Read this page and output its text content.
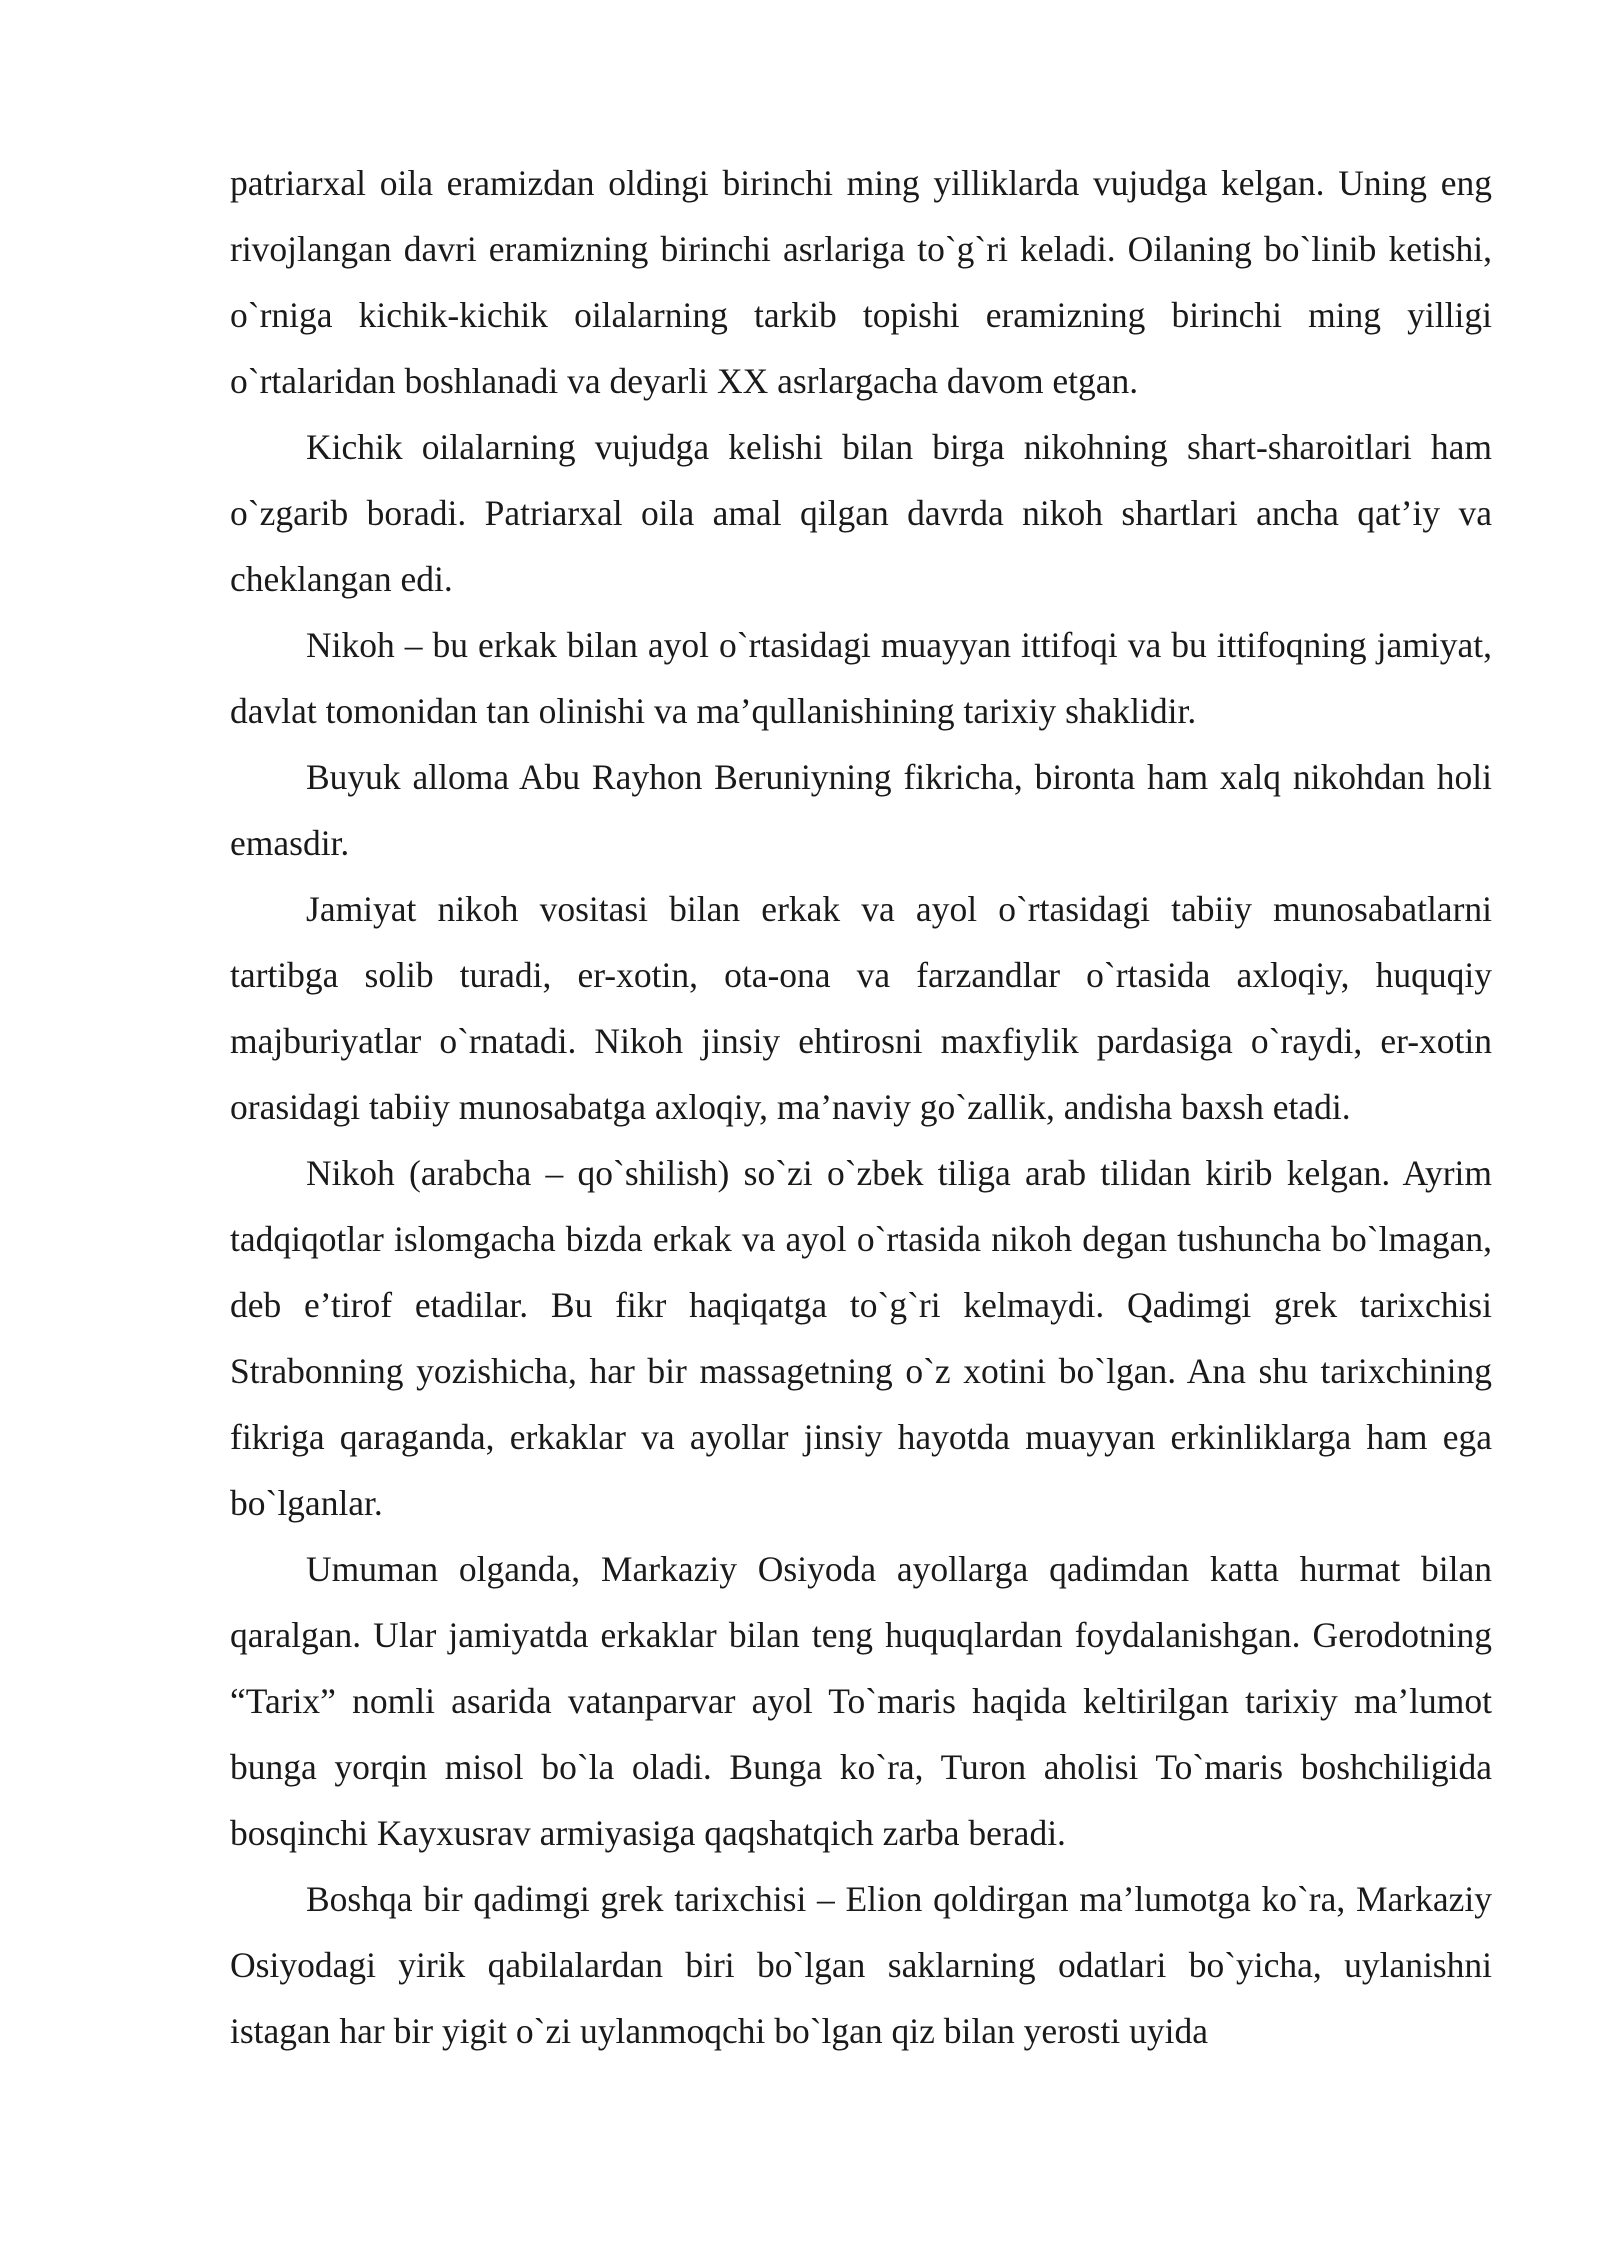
patriarxal oila eramizdan oldingi birinchi ming yilliklarda vujudga kelgan. Uning eng rivojlangan davri eramizning birinchi asrlariga to`g`ri keladi. Oilaning bo`linib ketishi, o`rniga kichik-kichik oilalarning tarkib topishi eramizning birinchi ming yilligi o`rtalaridan boshlanadi va deyarli XX asrlargacha davom etgan.

Kichik oilalarning vujudga kelishi bilan birga nikohning shart-sharoitlari ham o`zgarib boradi. Patriarxal oila amal qilgan davrda nikoh shartlari ancha qat’iy va cheklangan edi.

Nikoh – bu erkak bilan ayol o`rtasidagi muayyan ittifoqi va bu ittifoqning jamiyat, davlat tomonidan tan olinishi va ma’qullanishining tarixiy shaklidir.

Buyuk alloma Abu Rayhon Beruniyning fikricha, bironta ham xalq nikohdan holi emasdir.

Jamiyat nikoh vositasi bilan erkak va ayol o`rtasidagi tabiiy munosabatlarni tartibga solib turadi, er-xotin, ota-ona va farzandlar o`rtasida axloqiy, huquqiy majburiyatlar o`rnatadi. Nikoh jinsiy ehtirosni maxfiylik pardasiga o`raydi, er-xotin orasidagi tabiiy munosabatga axloqiy, ma’naviy go`zallik, andisha baxsh etadi.

Nikoh (arabcha – qo`shilish) so`zi o`zbek tiliga arab tilidan kirib kelgan. Ayrim tadqiqotlar islomgacha bizda erkak va ayol o`rtasida nikoh degan tushuncha bo`lmagan, deb e’tirof etadilar. Bu fikr haqiqatga to`g`ri kelmaydi. Qadimgi grek tarixchisi Strabonning yozishicha, har bir massagetning o`z xotini bo`lgan. Ana shu tarixchining fikriga qaraganda, erkaklar va ayollar jinsiy hayotda muayyan erkinliklarga ham ega bo`lganlar.

Umuman olganda, Markaziy Osiyoda ayollarga qadimdan katta hurmat bilan qaralgan. Ular jamiyatda erkaklar bilan teng huquqlardan foydalanishgan. Gerodotning “Tarix” nomli asarida vatanparvar ayol To`maris haqida keltirilgan tarixiy ma’lumot bunga yorqin misol bo`la oladi. Bunga ko`ra, Turon aholisi To`maris boshchiligida bosqinchi Kayxusrav armiyasiga qaqshatqich zarba beradi.

Boshqa bir qadimgi grek tarixchisi – Elion qoldirgan ma’lumotga ko`ra, Markaziy Osiyodagi yirik qabilalardan biri bo`lgan saklarning odatlari bo`yicha, uylanishni istagan har bir yigit o`zi uylanmoqchi bo`lgan qiz bilan yerosti uyida
